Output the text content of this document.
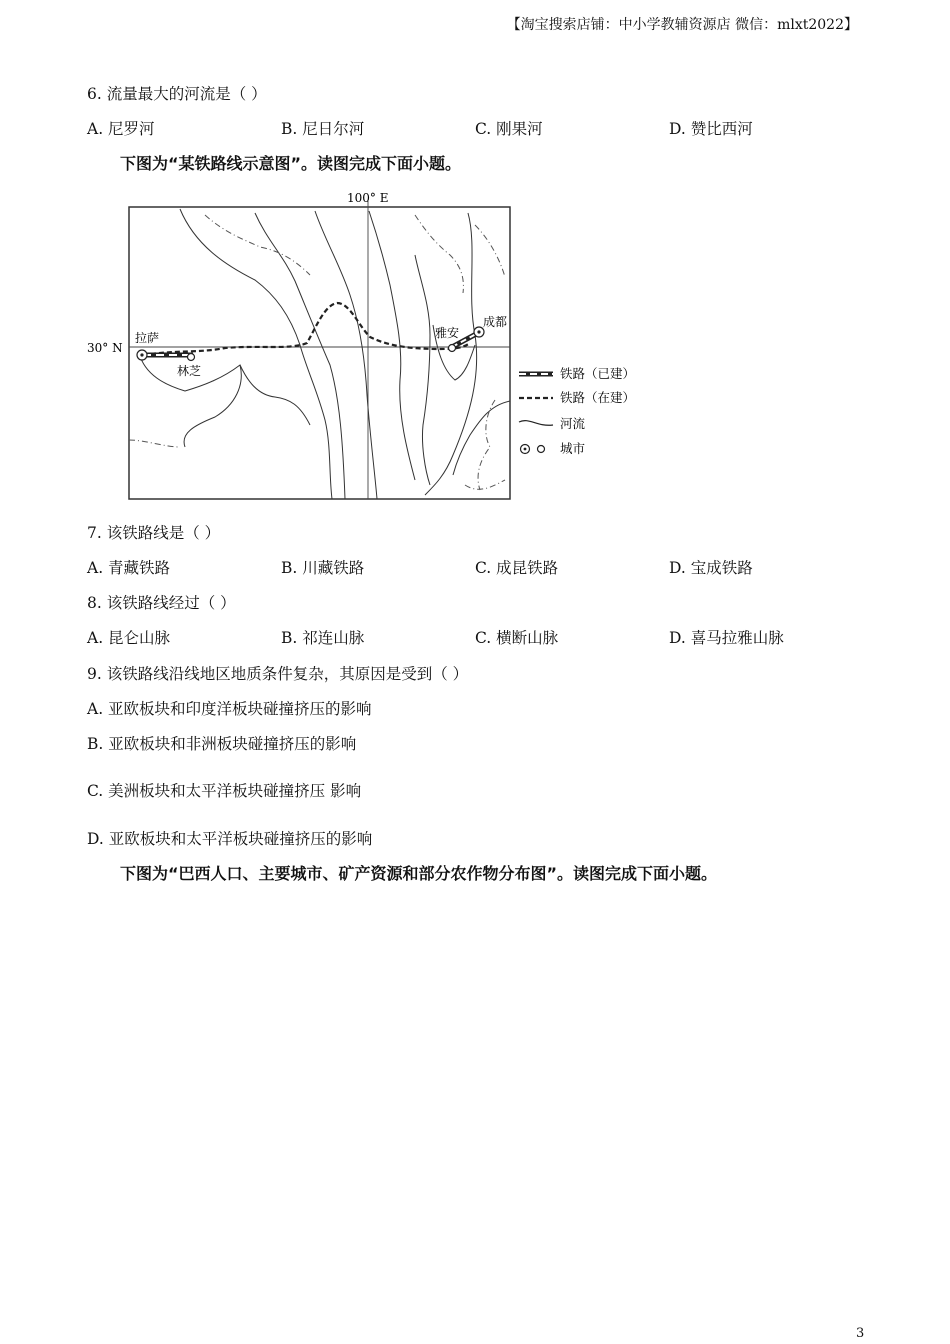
【淘宝搜索店铺：中小学教辅资源店 微信：mlxt2022】
6. 流量最大的河流是（ ）
A. 尼罗河	B. 尼日尔河	C. 刚果河	D. 赞比西河
下图为“某铁路线示意图”。读图完成下面小题。
100° E
30° N
拉萨
林芝
雅安
成都
铁路（已建）
铁路（在建）
河流
城市
7. 该铁路线是（ ）
A. 青藏铁路	B. 川藏铁路	C. 成昆铁路	D. 宝成铁路
8. 该铁路线经过（ ）
A. 昆仑山脉	B. 祁连山脉	C. 横断山脉	D. 喜马拉雅山脉
9. 该铁路线沿线地区地质条件复杂，其原因是受到（ ）
A. 亚欧板块和印度洋板块碰撞挤压的影响
B. 亚欧板块和非洲板块碰撞挤压的影响
C. 美洲板块和太平洋板块碰撞挤压 影响
D. 亚欧板块和太平洋板块碰撞挤压的影响
下图为“巴西人口、主要城市、矿产资源和部分农作物分布图”。读图完成下面小题。
3
